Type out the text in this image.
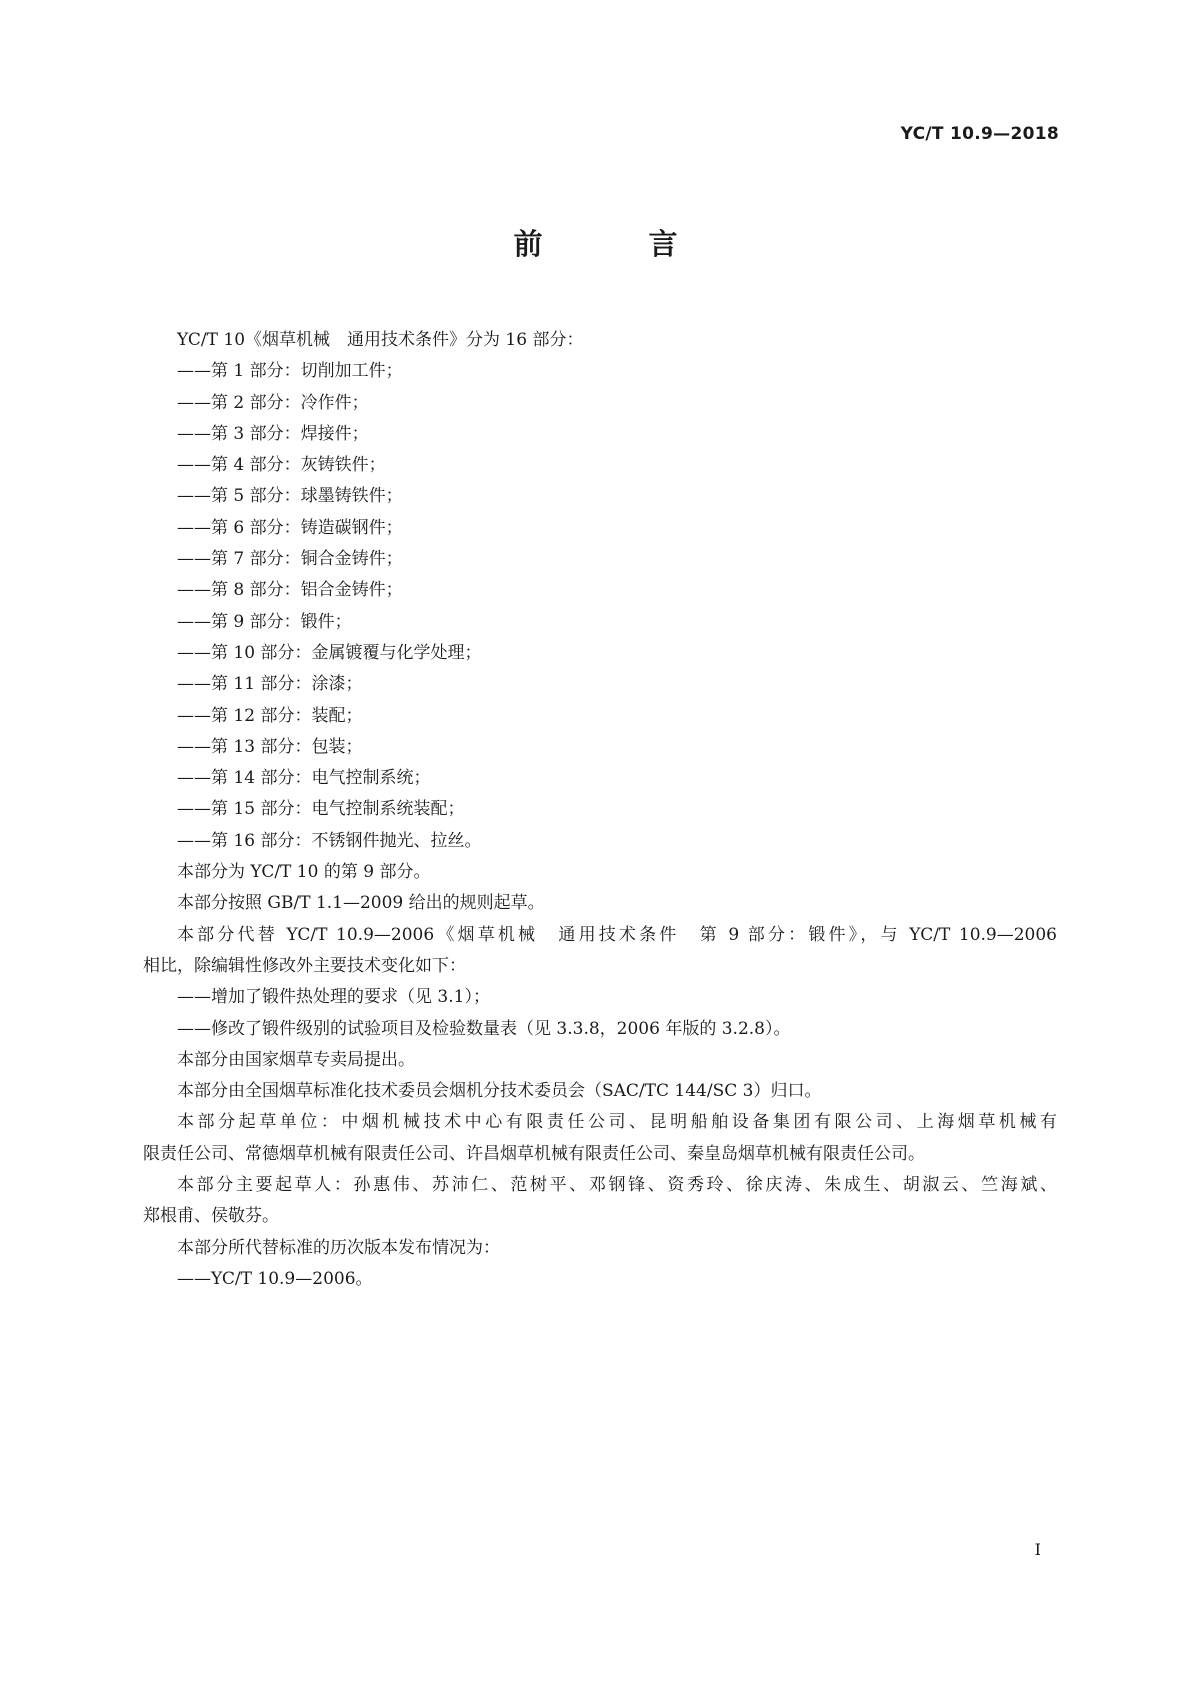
YC/T 10.9—2018
前 言
YC/T 10《烟草机械　通用技术条件》分为 16 部分：
——第 1 部分：切削加工件；
——第 2 部分：冷作件；
——第 3 部分：焊接件；
——第 4 部分：灰铸铁件；
——第 5 部分：球墨铸铁件；
——第 6 部分：铸造碳钢件；
——第 7 部分：铜合金铸件；
——第 8 部分：铝合金铸件；
——第 9 部分：锻件；
——第 10 部分：金属镀覆与化学处理；
——第 11 部分：涂漆；
——第 12 部分：装配；
——第 13 部分：包装；
——第 14 部分：电气控制系统；
——第 15 部分：电气控制系统装配；
——第 16 部分：不锈钢件抛光、拉丝。
本部分为 YC/T 10 的第 9 部分。
本部分按照 GB/T 1.1—2009 给出的规则起草。
本部分代替 YC/T 10.9—2006《烟草机械　通用技术条件　第 9 部分：锻件》，与 YC/T 10.9—2006
相比，除编辑性修改外主要技术变化如下：
——增加了锻件热处理的要求（见 3.1）；
——修改了锻件级别的试验项目及检验数量表（见 3.3.8，2006 年版的 3.2.8）。
本部分由国家烟草专卖局提出。
本部分由全国烟草标准化技术委员会烟机分技术委员会（SAC/TC 144/SC 3）归口。
本部分起草单位：中烟机械技术中心有限责任公司、昆明船舶设备集团有限公司、上海烟草机械有
限责任公司、常德烟草机械有限责任公司、许昌烟草机械有限责任公司、秦皇岛烟草机械有限责任公司。
本部分主要起草人：孙惠伟、苏沛仁、范树平、邓钢锋、资秀玲、徐庆涛、朱成生、胡淑云、竺海斌、
郑根甫、侯敬芬。
本部分所代替标准的历次版本发布情况为：
——YC/T 10.9—2006。
I
